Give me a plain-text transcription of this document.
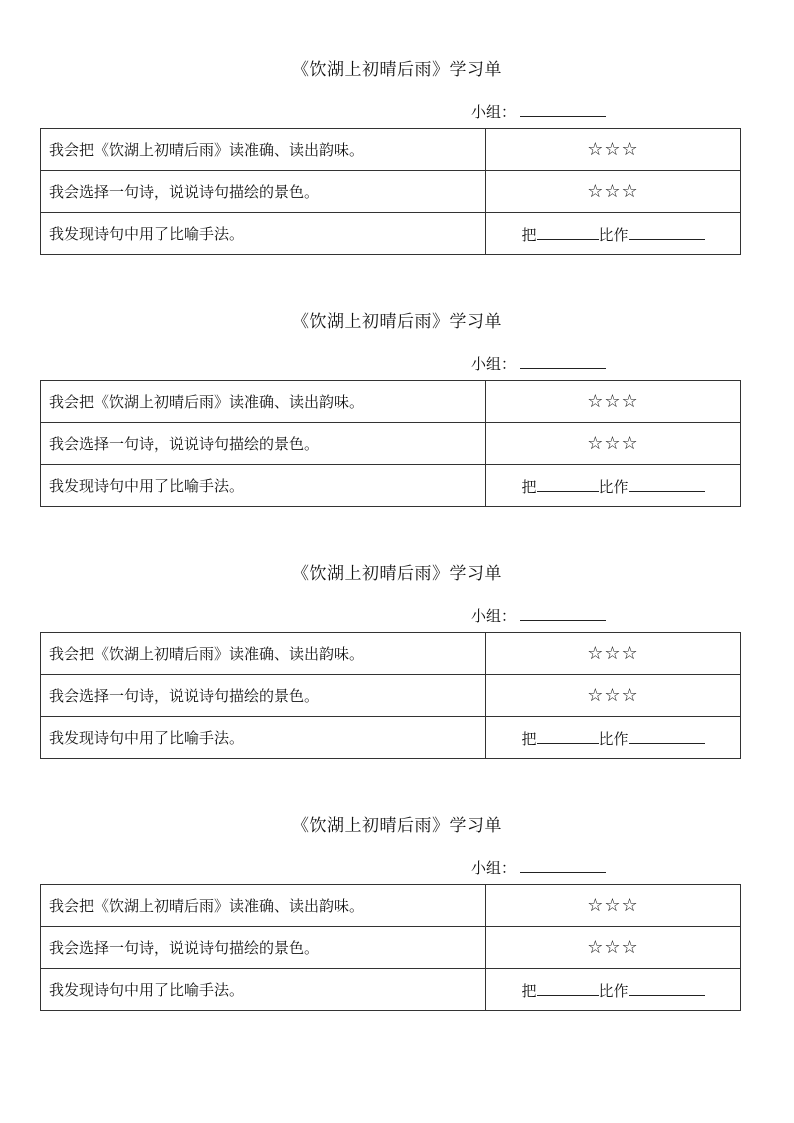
《饮湖上初晴后雨》学习单
小组：
我会把《饮湖上初晴后雨》读准确、读出韵味。	☆☆☆
我会选择一句诗，说说诗句描绘的景色。	☆☆☆
我发现诗句中用了比喻手法。	把 比作
《饮湖上初晴后雨》学习单
小组：
我会把《饮湖上初晴后雨》读准确、读出韵味。	☆☆☆
我会选择一句诗，说说诗句描绘的景色。	☆☆☆
我发现诗句中用了比喻手法。	把 比作
《饮湖上初晴后雨》学习单
小组：
我会把《饮湖上初晴后雨》读准确、读出韵味。	☆☆☆
我会选择一句诗，说说诗句描绘的景色。	☆☆☆
我发现诗句中用了比喻手法。	把 比作
《饮湖上初晴后雨》学习单
小组：
我会把《饮湖上初晴后雨》读准确、读出韵味。	☆☆☆
我会选择一句诗，说说诗句描绘的景色。	☆☆☆
我发现诗句中用了比喻手法。	把 比作
